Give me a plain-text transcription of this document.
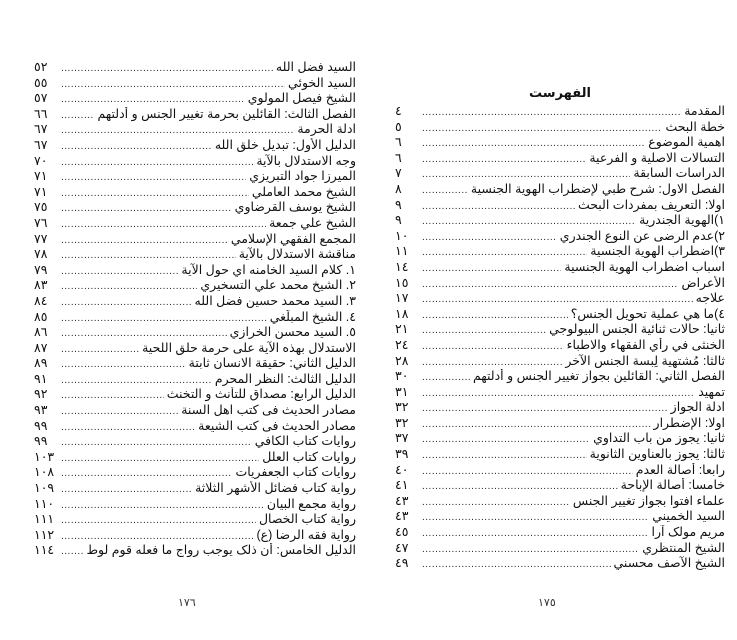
الفهرست
المقدمة
.....
٤
خطة البحث
.....
٥
اهمية الموضوع
.....
٦
التسالات الاصلية و الفرعية
.....
٦
الدراسات السابقة
.....
٧
الفصل الاول: شرح طبي لإضطراب الهوية الجنسية
.....
٨
اولا: التعريف بمفردات البحث
.....
٩
١)الهوية الجندرية
.....
٩
٢)عدم الرضى عن النوع الجندري
.....
١٠
٣)اضطراب الهوية الجنسية
.....
١١
اسباب اضطراب الهوية الجنسية
.....
١٤
الأعراض
.....
١٥
علاجه
.....
١٧
٤)ما هي عملية تحويل الجنس؟
.....
١٨
ثانيا: حالات ثنائية الجنس البيولوجي
.....
٢١
الخنثى في رأي الفقهاء والاطباء
.....
٢٤
ثالثا: مُشتهية لِبسة الجنس الآخر
.....
٢٨
الفصل الثاني: القائلين بجواز تغيير الجنس و أدلتهم
.....
٣٠
تمهيد
.....
٣١
ادلة الجواز
.....
٣٢
اولا: الإضطرار
.....
٣٢
ثانيا: يجوز من باب التداوي
.....
٣٧
ثالثا: يجوز بالعناوين الثانوية
.....
٣٩
رابعا: أصالة العدم
.....
٤٠
خامسا: أصالة الإباحة
.....
٤١
علماء افتوا بجواز تغيير الجنس
.....
٤٣
السيد الخميني
.....
٤٣
مريم مولک آرا
.....
٤٥
الشيخ المنتظري
.....
٤٧
الشيخ الآصف محسني
.....
٤٩
١٧٥
السيد فضل الله
.....
٥٢
السيد الخوئي
.....
٥٥
الشيخ فيصل المولوي
.....
٥٧
الفصل الثالث: القائلين بحرمة تغيير الجنس و أدلتهم
.....
٦٦
ادلة الحرمة
.....
٦٧
الدليل الأول: تبديل خلق الله
.....
٦٧
وجه الاستدلال بالآية
.....
٧٠
الميرزا جواد التبريزي
.....
٧١
الشيخ محمد العاملي
.....
٧١
الشيخ يوسف القرضاوي
.....
٧٥
الشيخ علي جمعة
.....
٧٦
المجمع الفقهي الإسلامي
.....
٧٧
مناقشة الاستدلال بالآية
.....
٧٨
١. كلام السيد الخامنه اي حول الآية
.....
٧٩
٢. الشيخ محمد علي التسخيري
.....
٨٣
٣. السيد محمد حسين فضل الله
.....
٨٤
٤. الشيخ المبلّغي
.....
٨٥
٥. السيد محسن الخرازي
.....
٨٦
الاستدلال بهذه الآية على حرمة حلق اللحية
.....
٨٧
الدليل الثاني: حقيقة الانسان ثابتة
.....
٨٩
الدليل الثالث: النظر المحرم
.....
٩١
الدليل الرابع: مصداق للتأنث و التخنث
.....
٩٢
مصادر الحديث فى كتب اهل السنة
.....
٩٣
مصادر الحديث فى كتب الشيعة
.....
٩٩
روايات كتاب الكافي
.....
٩٩
روايات كتاب العلل
.....
١٠٣
روايات كتاب الجعفريات
.....
١٠٨
رواية كتاب فضائل الأشهر الثلاثة
.....
١٠٩
رواية مجمع البيان
.....
١١٠
رواية كتاب الخصال
.....
١١١
رواية فقه الرضا (ع)
.....
١١٢
الدليل الخامس: أن ذلک يوجب رواج ما فعله قوم لوط
.....
١١٤
١٧٦
